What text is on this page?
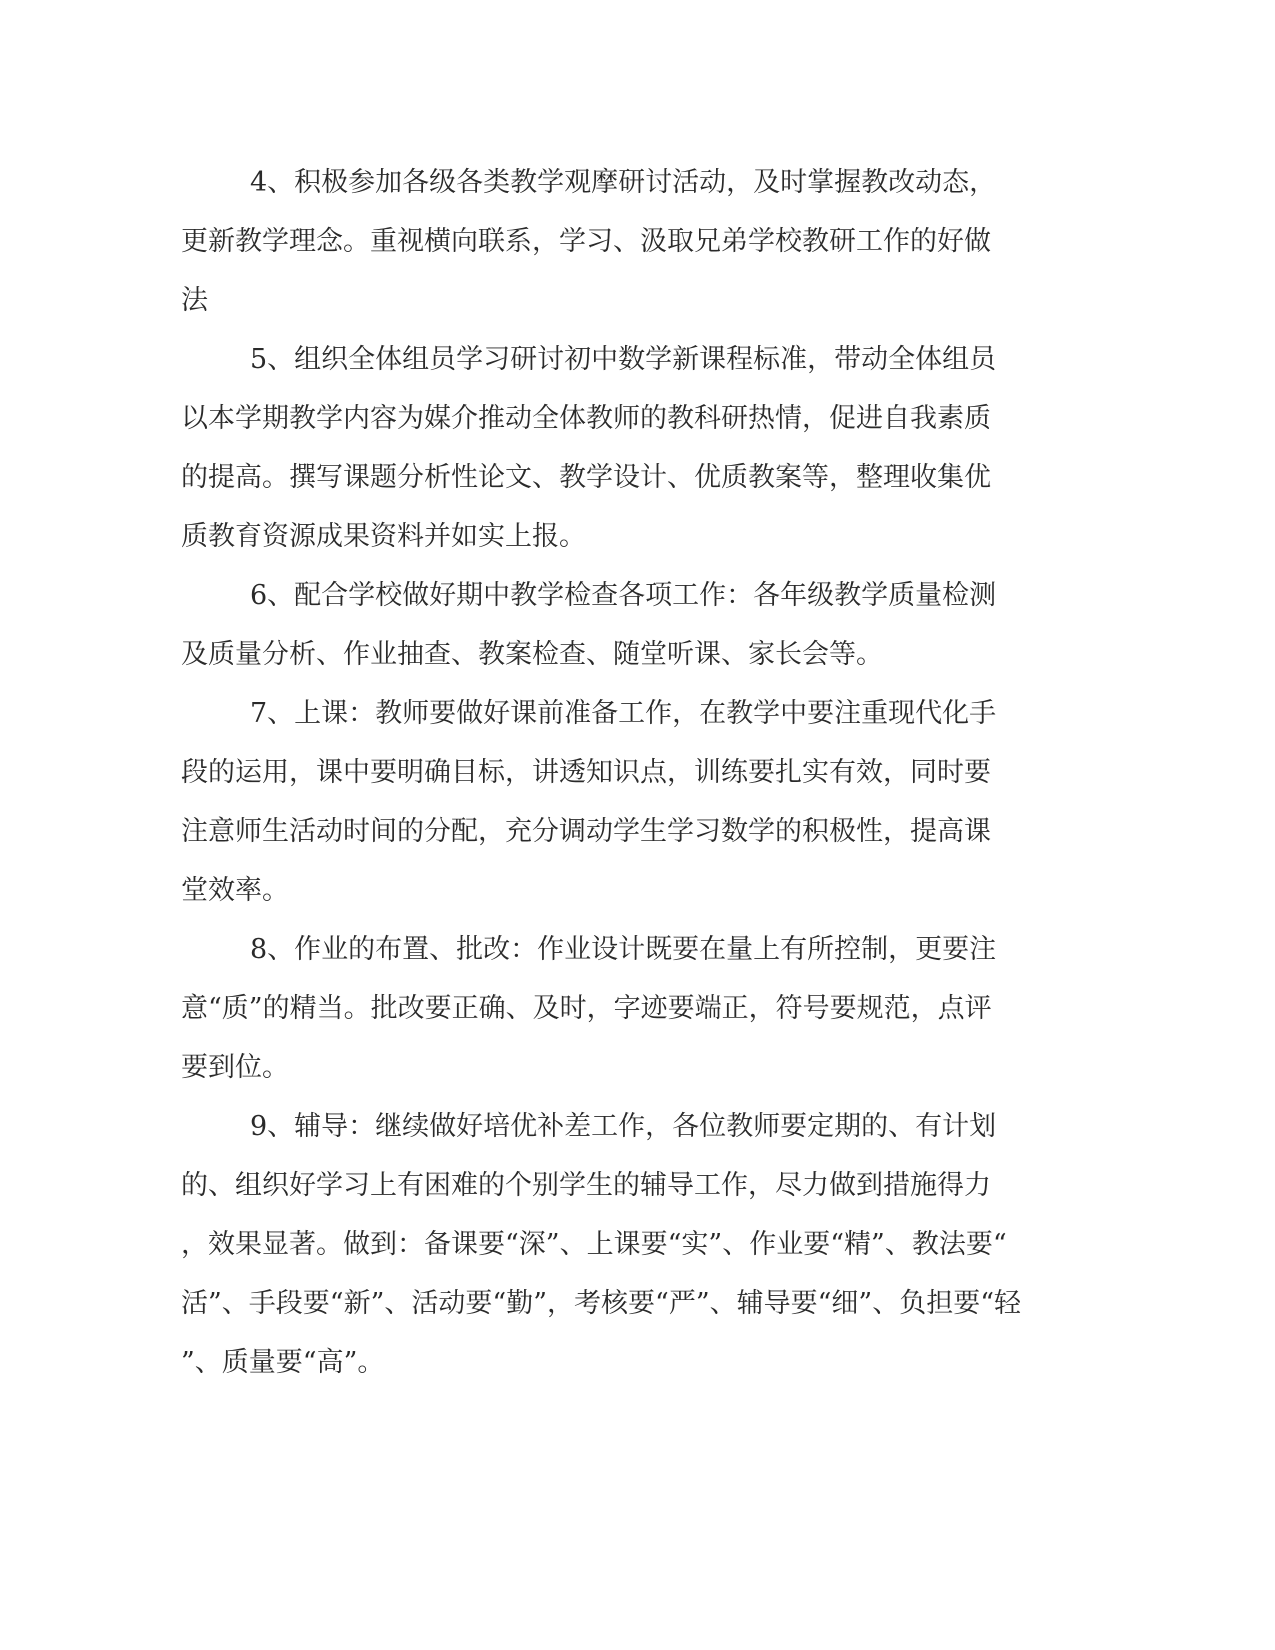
4、积极参加各级各类教学观摩研讨活动，及时掌握教改动态，
更新教学理念。重视横向联系，学习、汲取兄弟学校教研工作的好做
法
5、组织全体组员学习研讨初中数学新课程标准，带动全体组员
以本学期教学内容为媒介推动全体教师的教科研热情，促进自我素质
的提高。撰写课题分析性论文、教学设计、优质教案等，整理收集优
质教育资源成果资料并如实上报。
6、配合学校做好期中教学检查各项工作：各年级教学质量检测
及质量分析、作业抽查、教案检查、随堂听课、家长会等。
7、上课：教师要做好课前准备工作，在教学中要注重现代化手
段的运用，课中要明确目标，讲透知识点，训练要扎实有效，同时要
注意师生活动时间的分配，充分调动学生学习数学的积极性，提高课
堂效率。
8、作业的布置、批改：作业设计既要在量上有所控制，更要注
意“质”的精当。批改要正确、及时，字迹要端正，符号要规范，点评
要到位。
9、辅导：继续做好培优补差工作，各位教师要定期的、有计划
的、组织好学习上有困难的个别学生的辅导工作，尽力做到措施得力
，效果显著。做到：备课要“深”、上课要“实”、作业要“精”、教法要“
活”、手段要“新”、活动要“勤”，考核要“严”、辅导要“细”、负担要“轻
”、质量要“高”。
